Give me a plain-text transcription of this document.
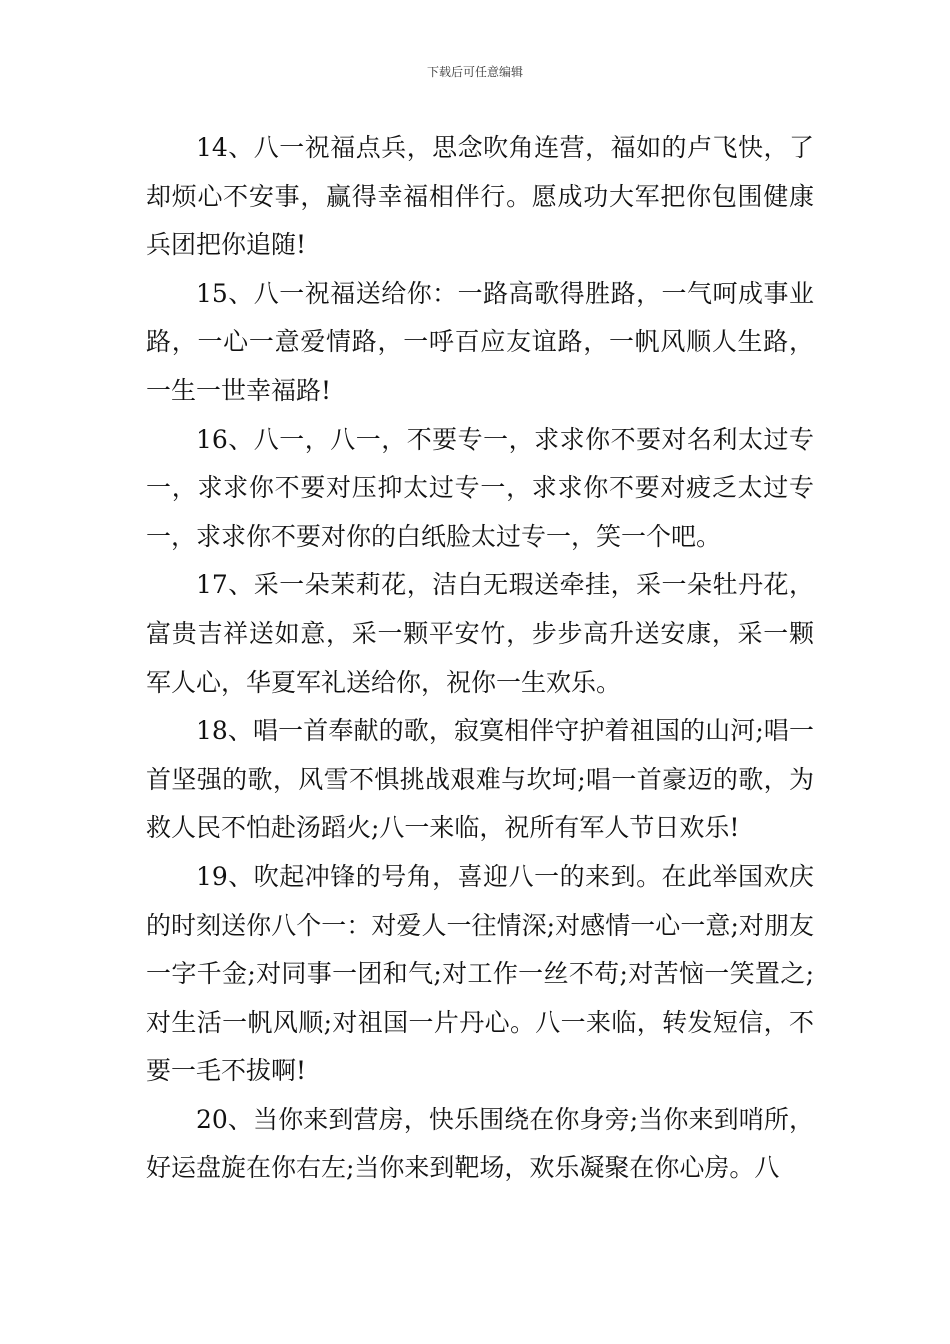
下载后可任意编辑

14、八一祝福点兵，思念吹角连营，福如的卢飞快，了却烦心不安事，赢得幸福相伴行。愿成功大军把你包围健康兵团把你追随!

15、八一祝福送给你：一路高歌得胜路，一气呵成事业路，一心一意爱情路，一呼百应友谊路，一帆风顺人生路，一生一世幸福路!

16、八一，八一，不要专一，求求你不要对名利太过专一，求求你不要对压抑太过专一，求求你不要对疲乏太过专一，求求你不要对你的白纸脸太过专一，笑一个吧。

17、采一朵茉莉花，洁白无瑕送牵挂，采一朵牡丹花，富贵吉祥送如意，采一颗平安竹，步步高升送安康，采一颗军人心，华夏军礼送给你，祝你一生欢乐。

18、唱一首奉献的歌，寂寞相伴守护着祖国的山河;唱一首坚强的歌，风雪不惧挑战艰难与坎坷;唱一首豪迈的歌，为救人民不怕赴汤蹈火;八一来临，祝所有军人节日欢乐!

19、吹起冲锋的号角，喜迎八一的来到。在此举国欢庆的时刻送你八个一：对爱人一往情深;对感情一心一意;对朋友一字千金;对同事一团和气;对工作一丝不苟;对苦恼一笑置之;对生活一帆风顺;对祖国一片丹心。八一来临，转发短信，不要一毛不拔啊!

20、当你来到营房，快乐围绕在你身旁;当你来到哨所，好运盘旋在你右左;当你来到靶场，欢乐凝聚在你心房。八
